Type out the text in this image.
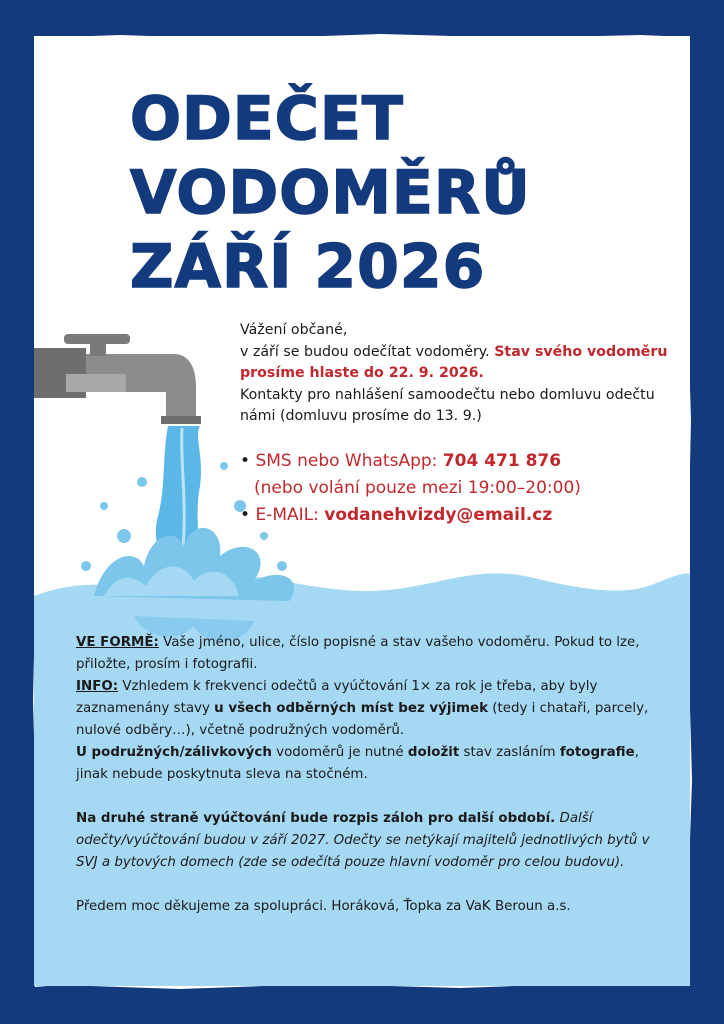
ODEČET
VODOMĚRŮ
ZÁŘÍ 2026

Vážení občané,

v září se budou odečítat vodoměry. Stav svého vodoměru prosíme hlaste do 22. 9. 2026.

Kontakty pro nahlášení samoodečtu nebo domluvu odečtu námi (domluvu prosíme do 13. 9.)

• SMS nebo WhatsApp: 704 471 876
(nebo volání pouze mezi 19:00–20:00)
• E-MAIL: vodanehvizdy@email.cz

VE FORMĚ: Vaše jméno, ulice, číslo popisné a stav vašeho vodoměru. Pokud to lze, přiložte, prosím i fotografii.

INFO: Vzhledem k frekvenci odečtů a vyúčtování 1× za rok je třeba, aby byly zaznamenány stavy u všech odběrných míst bez výjimek (tedy i chataři, parcely, nulové odběry…), včetně podružných vodoměrů.

U podružných/zálivkových vodoměrů je nutné doložit stav zasláním fotografie, jinak nebude poskytnuta sleva na stočném.

Na druhé straně vyúčtování bude rozpis záloh pro další období. Další odečty/vyúčtování budou v září 2027. Odečty se netýkají majitelů jednotlivých bytů v SVJ a bytových domech (zde se odečítá pouze hlavní vodoměr pro celou budovu).

Předem moc děkujeme za spolupráci. Horáková, Ťopka za VaK Beroun a.s.
